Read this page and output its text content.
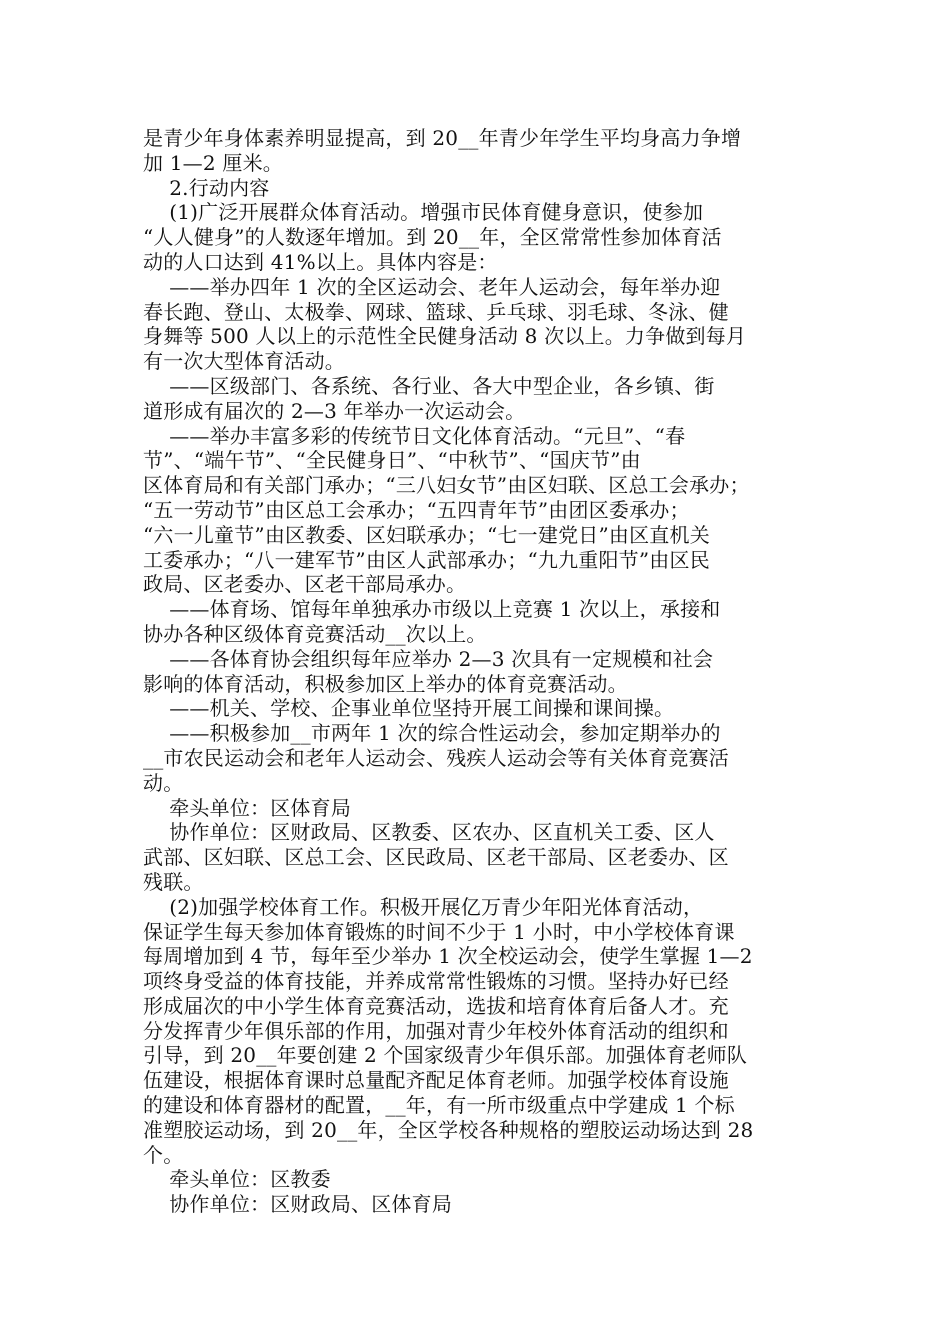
是青少年身体素养明显提高，到 20__年青少年学生平均身高力争增
加 1—2 厘米。
2.行动内容
(1)广泛开展群众体育活动。增强市民体育健身意识，使参加
“人人健身”的人数逐年增加。到 20__年，全区常常性参加体育活
动的人口达到 41%以上。具体内容是：
——举办四年 1 次的全区运动会、老年人运动会，每年举办迎
春长跑、登山、太极拳、网球、篮球、乒乓球、羽毛球、冬泳、健
身舞等 500 人以上的示范性全民健身活动 8 次以上。力争做到每月
有一次大型体育活动。
——区级部门、各系统、各行业、各大中型企业，各乡镇、街
道形成有届次的 2—3 年举办一次运动会。
——举办丰富多彩的传统节日文化体育活动。“元旦”、“春
节”、“端午节”、“全民健身日”、“中秋节”、“国庆节”由
区体育局和有关部门承办；“三八妇女节”由区妇联、区总工会承办；
“五一劳动节”由区总工会承办；“五四青年节”由团区委承办；
“六一儿童节”由区教委、区妇联承办；“七一建党日”由区直机关
工委承办；“八一建军节”由区人武部承办；“九九重阳节”由区民
政局、区老委办、区老干部局承办。
——体育场、馆每年单独承办市级以上竞赛 1 次以上，承接和
协办各种区级体育竞赛活动__次以上。
——各体育协会组织每年应举办 2—3 次具有一定规模和社会
影响的体育活动，积极参加区上举办的体育竞赛活动。
——机关、学校、企事业单位坚持开展工间操和课间操。
——积极参加__市两年 1 次的综合性运动会，参加定期举办的
__市农民运动会和老年人运动会、残疾人运动会等有关体育竞赛活
动。
牵头单位：区体育局
协作单位：区财政局、区教委、区农办、区直机关工委、区人
武部、区妇联、区总工会、区民政局、区老干部局、区老委办、区
残联。
(2)加强学校体育工作。积极开展亿万青少年阳光体育活动，
保证学生每天参加体育锻炼的时间不少于 1 小时，中小学校体育课
每周增加到 4 节，每年至少举办 1 次全校运动会，使学生掌握 1—2
项终身受益的体育技能，并养成常常性锻炼的习惯。坚持办好已经
形成届次的中小学生体育竞赛活动，选拔和培育体育后备人才。充
分发挥青少年俱乐部的作用，加强对青少年校外体育活动的组织和
引导，到 20__年要创建 2 个国家级青少年俱乐部。加强体育老师队
伍建设，根据体育课时总量配齐配足体育老师。加强学校体育设施
的建设和体育器材的配置，__年，有一所市级重点中学建成 1 个标
准塑胶运动场，到 20__年，全区学校各种规格的塑胶运动场达到 28
个。
牵头单位：区教委
协作单位：区财政局、区体育局
